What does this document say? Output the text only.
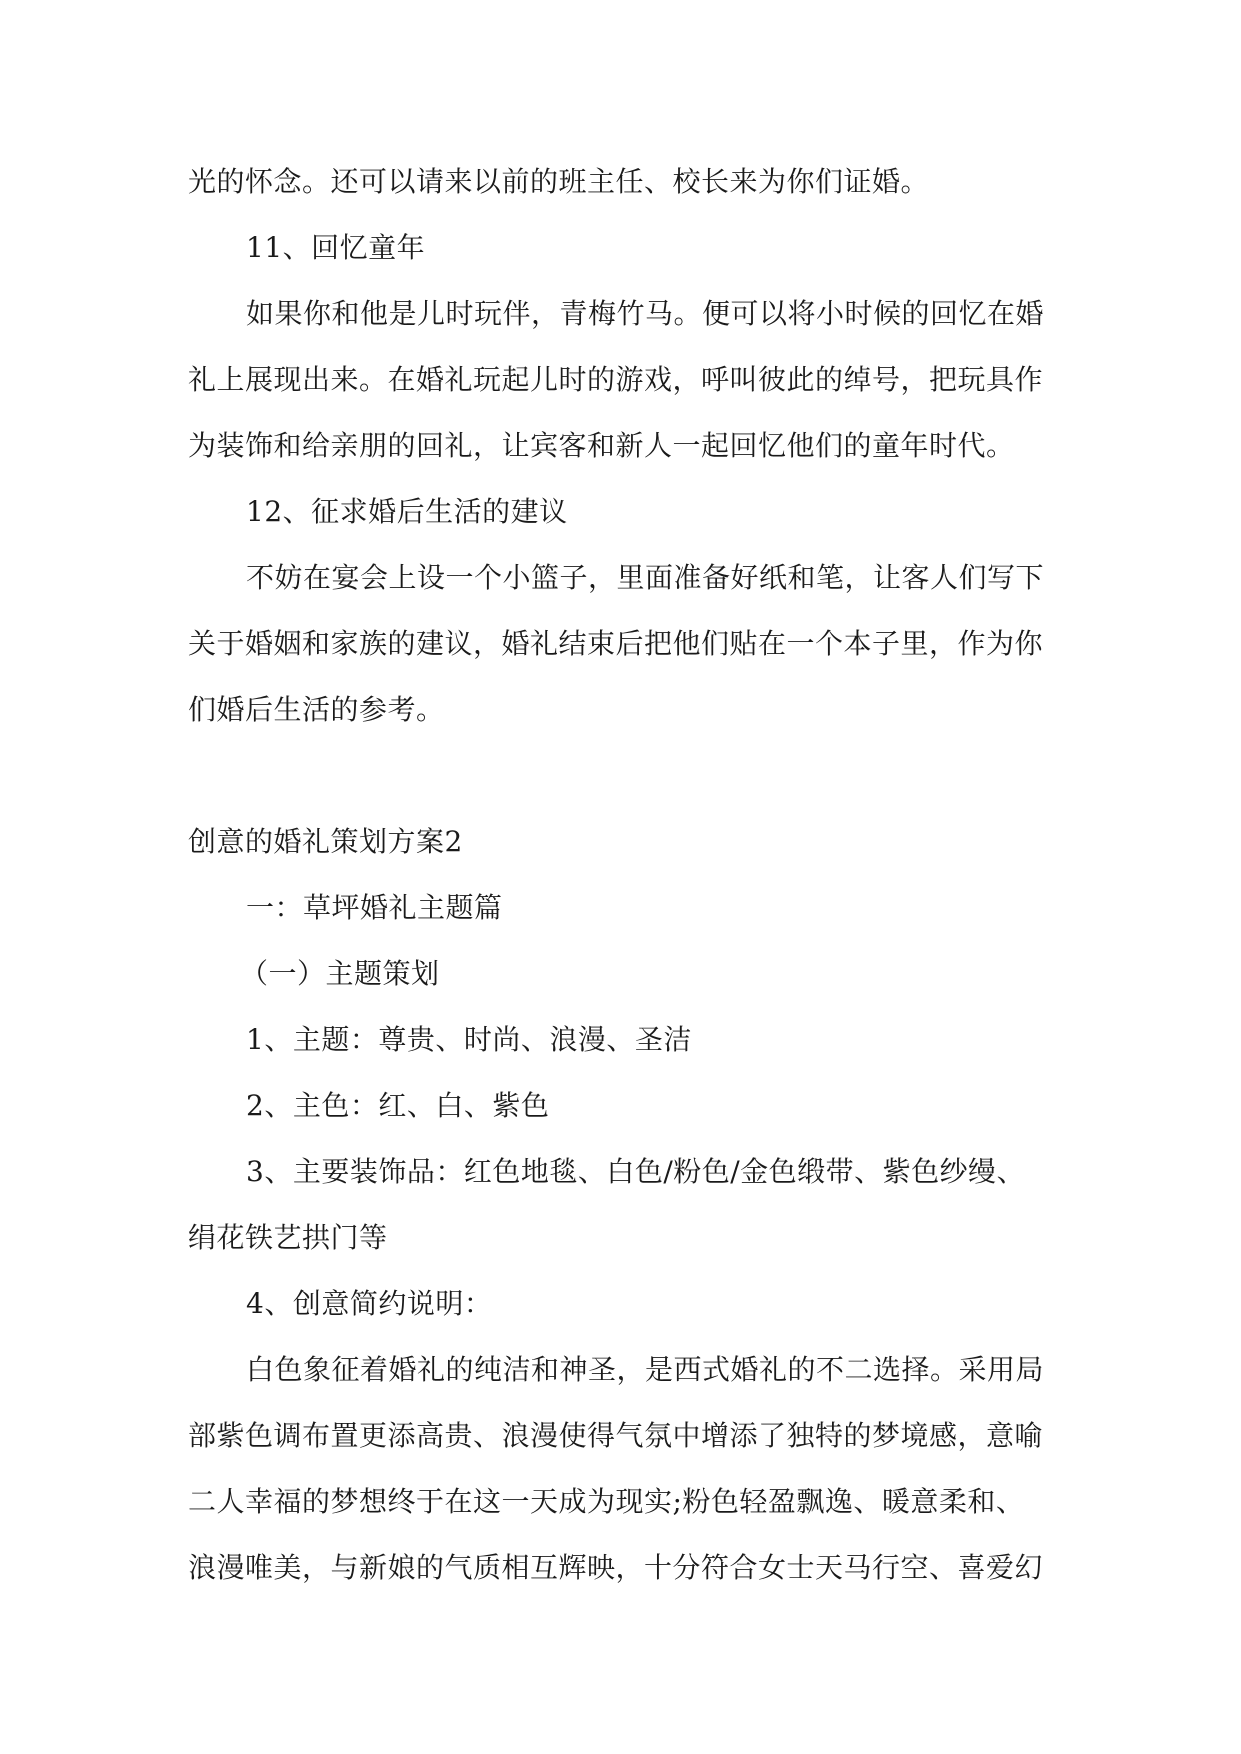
光的怀念。还可以请来以前的班主任、校长来为你们证婚。
11、回忆童年
如果你和他是儿时玩伴，青梅竹马。便可以将小时候的回忆在婚
礼上展现出来。在婚礼玩起儿时的游戏，呼叫彼此的绰号，把玩具作
为装饰和给亲朋的回礼，让宾客和新人一起回忆他们的童年时代。
12、征求婚后生活的建议
不妨在宴会上设一个小篮子，里面准备好纸和笔，让客人们写下
关于婚姻和家族的建议，婚礼结束后把他们贴在一个本子里，作为你
们婚后生活的参考。
创意的婚礼策划方案2
一：草坪婚礼主题篇
（一）主题策划
1、主题：尊贵、时尚、浪漫、圣洁
2、主色：红、白、紫色
3、主要装饰品：红色地毯、白色/粉色/金色缎带、紫色纱缦、
绢花铁艺拱门等
4、创意简约说明：
白色象征着婚礼的纯洁和神圣，是西式婚礼的不二选择。采用局
部紫色调布置更添高贵、浪漫使得气氛中增添了独特的梦境感，意喻
二人幸福的梦想终于在这一天成为现实;粉色轻盈飘逸、暖意柔和、
浪漫唯美，与新娘的气质相互辉映，十分符合女士天马行空、喜爱幻
